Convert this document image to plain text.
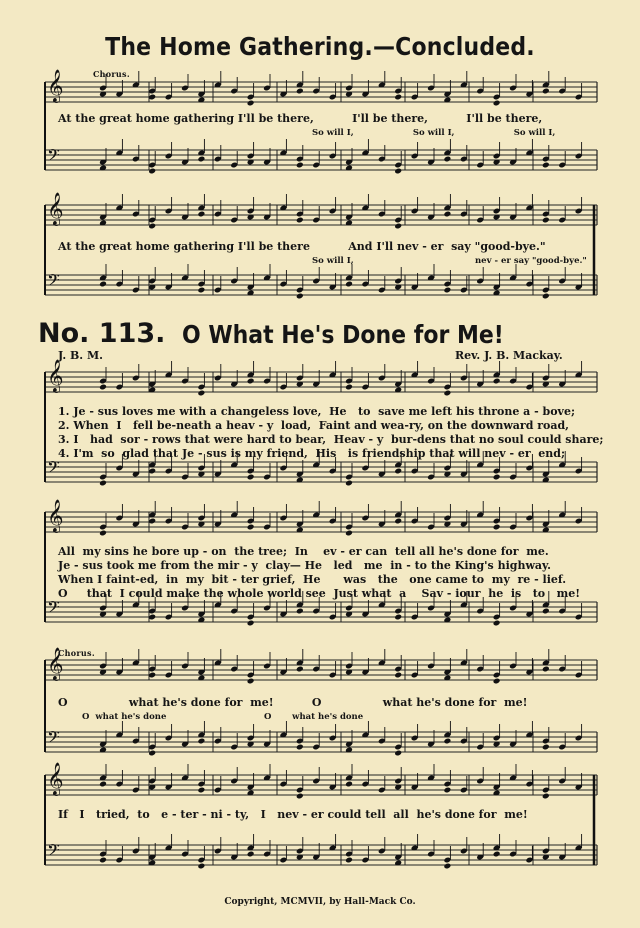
𝄞
𝄢
𝄞
𝄢
𝄞
𝄢
𝄞
𝄢
𝄞
𝄢
𝄞
𝄢
The Home Gathering.—Concluded.
Chorus.
At the great home gathering I'll be there,          I'll be there,          I'll be there,
So will I,                    So will I,                    So will I,
At the great home gathering I'll be there          And I'll nev - er  say "good-bye."
So will I,                                         nev - er say "good-bye."
No. 113. O What He's Done for Me!
J. B. M.	Rev. J. B. Mackay.
1. Je - sus loves me with a changeless love,  He   to  save me left his throne a - bove;
2. When  I   fell be-neath a heav - y  load,  Faint and wea-ry, on the downward road,
3. I   had  sor - rows that were hard to bear,  Heav - y  bur-dens that no soul could share;
4. I'm  so  glad that Je - sus is my friend,  His   is friendship that will nev - er  end;
All  my sins he bore up - on  the tree;  In    ev - er can  tell all he's done for  me.
Je - sus took me from the mir - y  clay— He   led   me  in - to the King's highway.
When I faint-ed,  in  my  bit - ter grief,  He      was   the   one came to  my  re - lief.
O     that  I could make the whole world see  Just what  a    Sav - iour  he  is   to   me!
Chorus.
O                what he's done for  me!          O                what he's done for  me!
O  what he's done                                 O       what he's done
If   I   tried,  to   e - ter - ni - ty,   I   nev - er could tell  all  he's done for  me!
Copyright, MCMVII, by Hall-Mack Co.
